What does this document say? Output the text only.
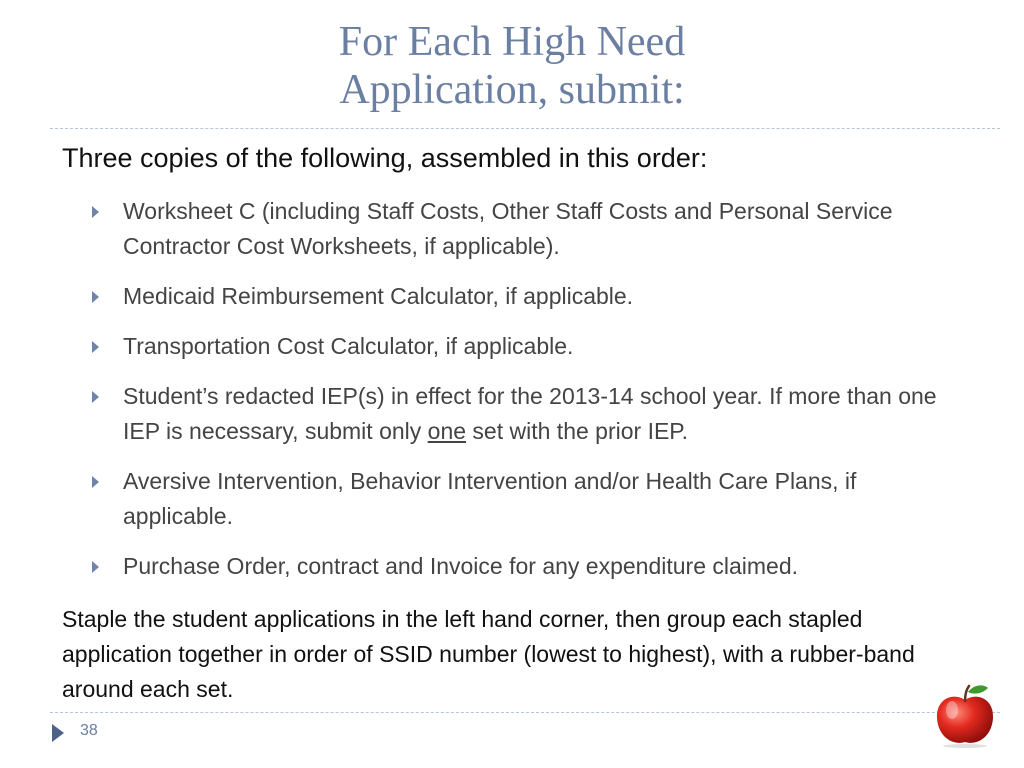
For Each High Need
Application, submit:
Three copies of the following, assembled in this order:
Worksheet C (including Staff Costs, Other Staff Costs and Personal Service Contractor Cost Worksheets, if applicable).
Medicaid Reimbursement Calculator, if applicable.
Transportation Cost Calculator, if applicable.
Student’s redacted IEP(s) in effect for the 2013-14 school year. If more than one IEP is necessary, submit only one set with the prior IEP.
Aversive Intervention, Behavior Intervention and/or Health Care Plans, if applicable.
Purchase Order, contract and Invoice for any expenditure claimed.
Staple the student applications in the left hand corner, then group each stapled application together in order of SSID number (lowest to highest), with a rubber-band around each set.
38
